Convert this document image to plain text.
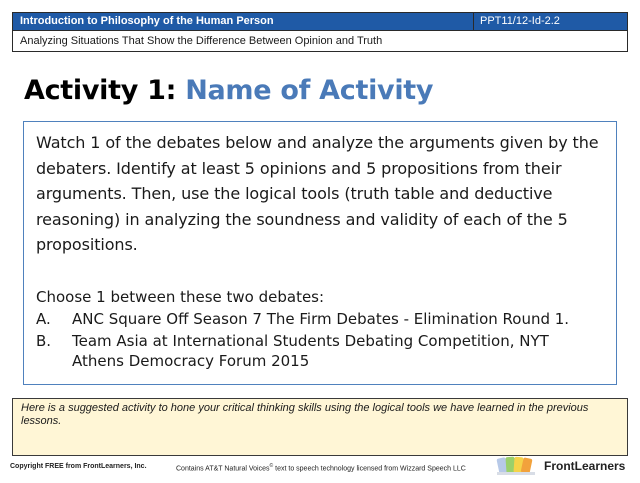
Introduction to Philosophy of the Human Person	PPT11/12-Id-2.2
Analyzing Situations That Show the Difference Between Opinion and Truth
Activity 1: Name of Activity
Watch 1 of the debates below and analyze the arguments given by the debaters. Identify at least 5 opinions and 5 propositions from their arguments. Then, use the logical tools (truth table and deductive reasoning) in analyzing the soundness and validity of each of the 5 propositions.
Choose 1 between these two debates:
A. ANC Square Off Season 7 The Firm Debates - Elimination Round 1.
B. Team Asia at International Students Debating Competition, NYT Athens Democracy Forum 2015
Here is a suggested activity to hone your critical thinking skills using the logical tools we have learned in the previous lessons.
Copyright FREE from FrontLearners, Inc.	Contains AT&T Natural Voices© text to speech technology licensed from Wizzard Speech LLC	FrontLearners
